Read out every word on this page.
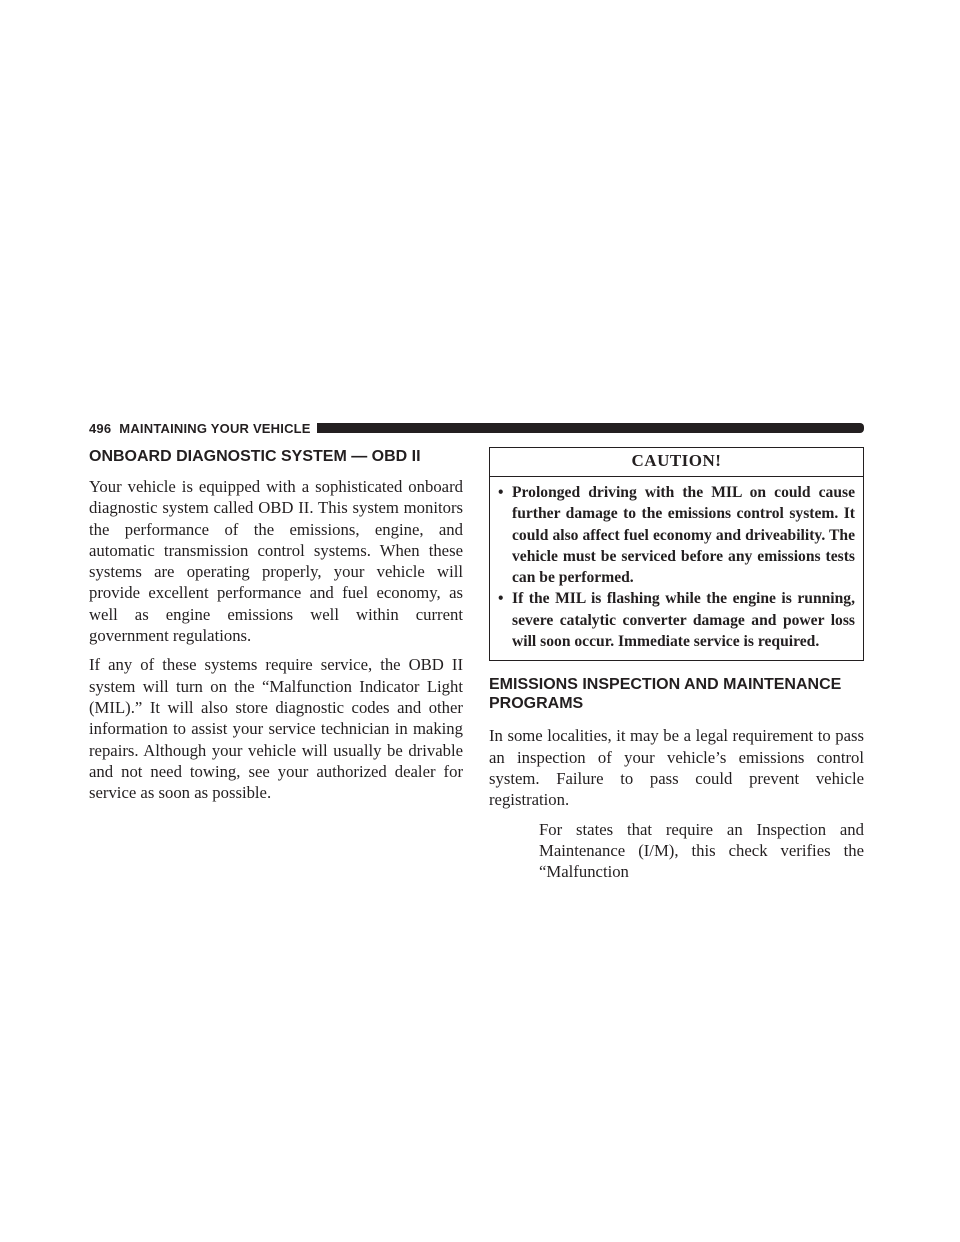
496 MAINTAINING YOUR VEHICLE
ONBOARD DIAGNOSTIC SYSTEM — OBD II

Your vehicle is equipped with a sophisticated onboard diagnostic system called OBD II. This system monitors the performance of the emissions, engine, and automatic transmission control systems. When these systems are operating properly, your vehicle will provide excellent performance and fuel economy, as well as engine emissions well within current government regulations.

If any of these systems require service, the OBD II system will turn on the “Malfunction Indicator Light (MIL).” It will also store diagnostic codes and other information to assist your service technician in making repairs. Although your vehicle will usually be drivable and not need towing, see your authorized dealer for service as soon as possible.

CAUTION!
• Prolonged driving with the MIL on could cause further damage to the emissions control system. It could also affect fuel economy and driveability. The vehicle must be serviced before any emissions tests can be performed.
• If the MIL is flashing while the engine is running, severe catalytic converter damage and power loss will soon occur. Immediate service is required.
EMISSIONS INSPECTION AND MAINTENANCE PROGRAMS

In some localities, it may be a legal requirement to pass an inspection of your vehicle’s emissions control system. Failure to pass could prevent vehicle registration.

For states that require an Inspection and Maintenance (I/M), this check verifies the “Malfunction
